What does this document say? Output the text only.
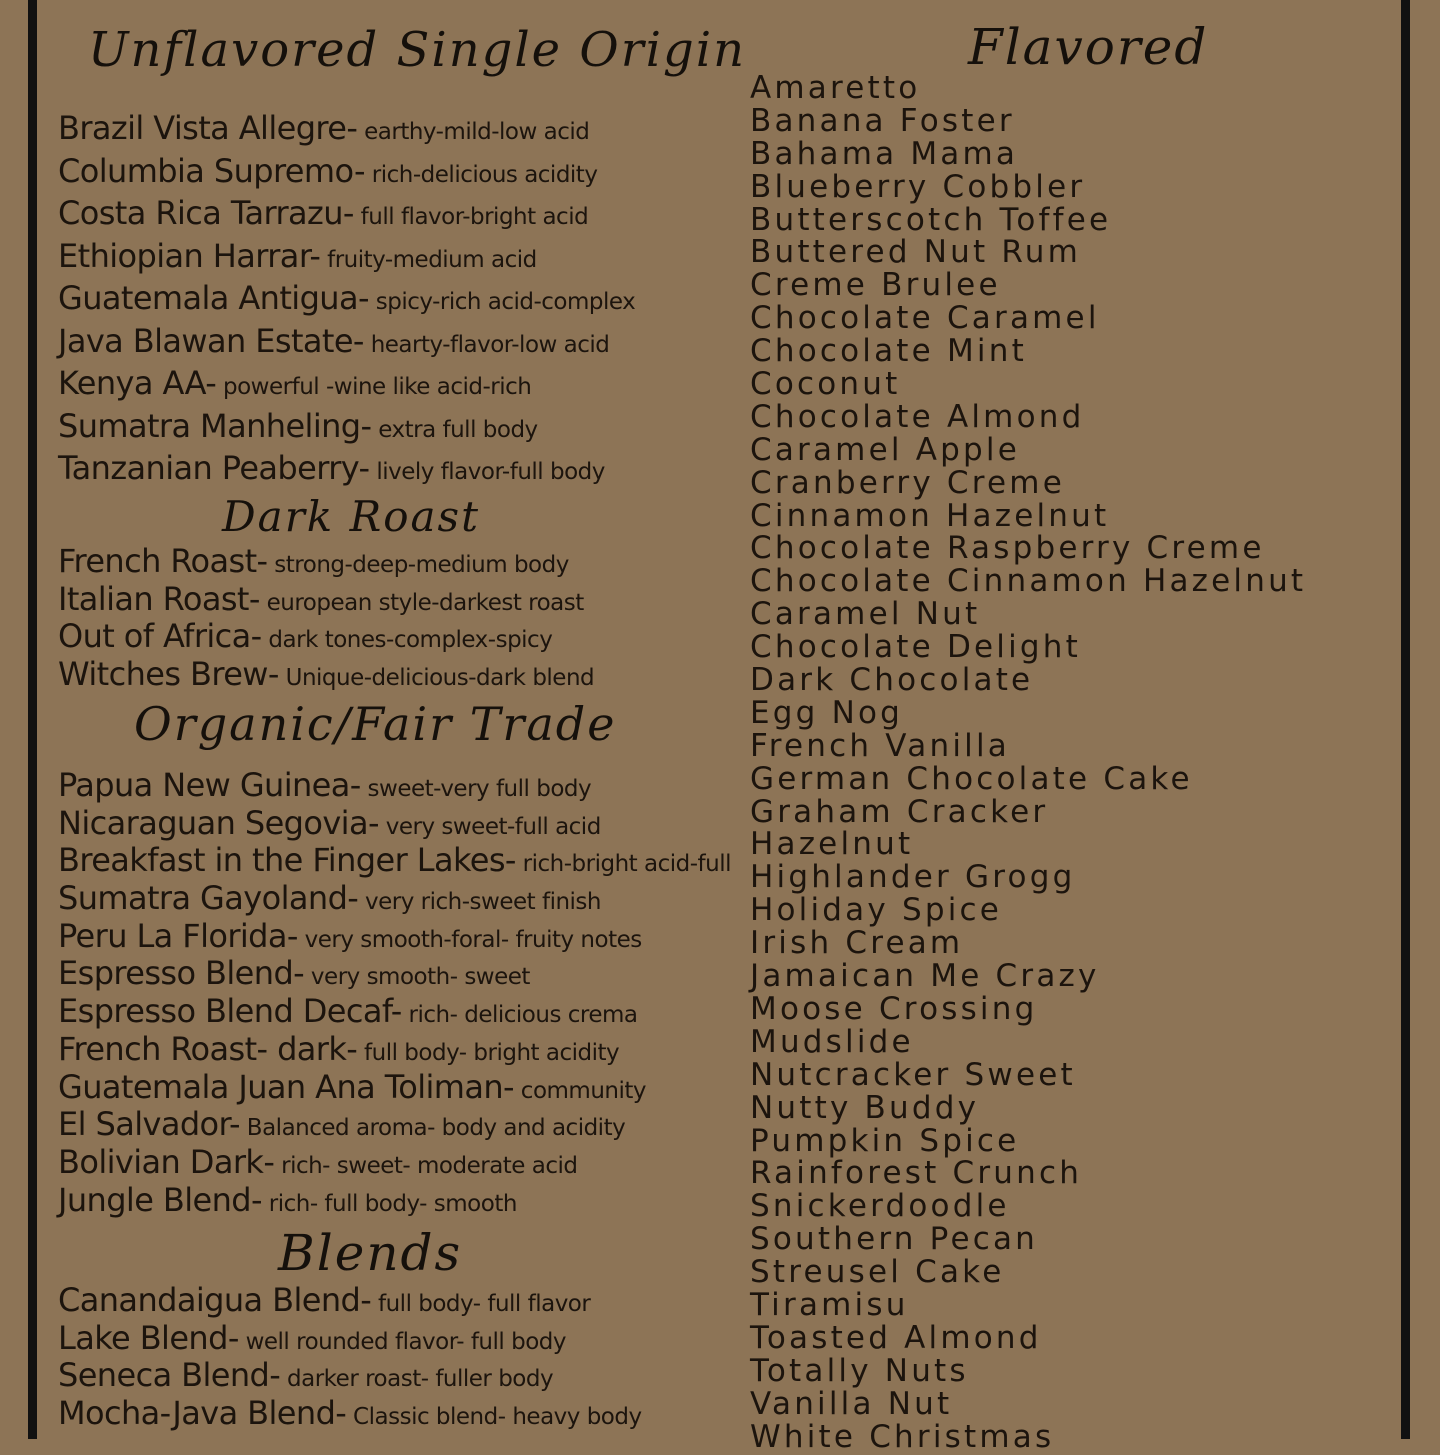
Unflavored Single Origin	Flavored
Brazil Vista Allegre- earthy-mild-low acid
Columbia Supremo- rich-delicious acidity
Costa Rica Tarrazu- full flavor-bright acid
Ethiopian Harrar- fruity-medium acid
Guatemala Antigua- spicy-rich acid-complex
Java Blawan Estate- hearty-flavor-low acid
Kenya AA- powerful -wine like acid-rich
Sumatra Manheling- extra full body
Tanzanian Peaberry- lively flavor-full body
Dark Roast
French Roast- strong-deep-medium body
Italian Roast- european style-darkest roast
Out of Africa- dark tones-complex-spicy
Witches Brew- Unique-delicious-dark blend
Organic/Fair Trade
Papua New Guinea- sweet-very full body
Nicaraguan Segovia- very sweet-full acid
Breakfast in the Finger Lakes- rich-bright acid-full
Sumatra Gayoland- very rich-sweet finish
Peru La Florida- very smooth-foral- fruity notes
Espresso Blend- very smooth- sweet
Espresso Blend Decaf- rich- delicious crema
French Roast- dark- full body- bright acidity
Guatemala Juan Ana Toliman- community
El Salvador- Balanced aroma- body and acidity
Bolivian Dark- rich- sweet- moderate acid
Jungle Blend- rich- full body- smooth
Blends
Canandaigua Blend- full body- full flavor
Lake Blend- well rounded flavor- full body
Seneca Blend- darker roast- fuller body
Mocha-Java Blend- Classic blend- heavy body
Amaretto
Banana Foster
Bahama Mama
Blueberry Cobbler
Butterscotch Toffee
Buttered Nut Rum
Creme Brulee
Chocolate Caramel
Chocolate Mint
Coconut
Chocolate Almond
Caramel Apple
Cranberry Creme
Cinnamon Hazelnut
Chocolate Raspberry Creme
Chocolate Cinnamon Hazelnut
Caramel Nut
Chocolate Delight
Dark Chocolate
Egg Nog
French Vanilla
German Chocolate Cake
Graham Cracker
Hazelnut
Highlander Grogg
Holiday Spice
Irish Cream
Jamaican Me Crazy
Moose Crossing
Mudslide
Nutcracker Sweet
Nutty Buddy
Pumpkin Spice
Rainforest Crunch
Snickerdoodle
Southern Pecan
Streusel Cake
Tiramisu
Toasted Almond
Totally Nuts
Vanilla Nut
White Christmas
